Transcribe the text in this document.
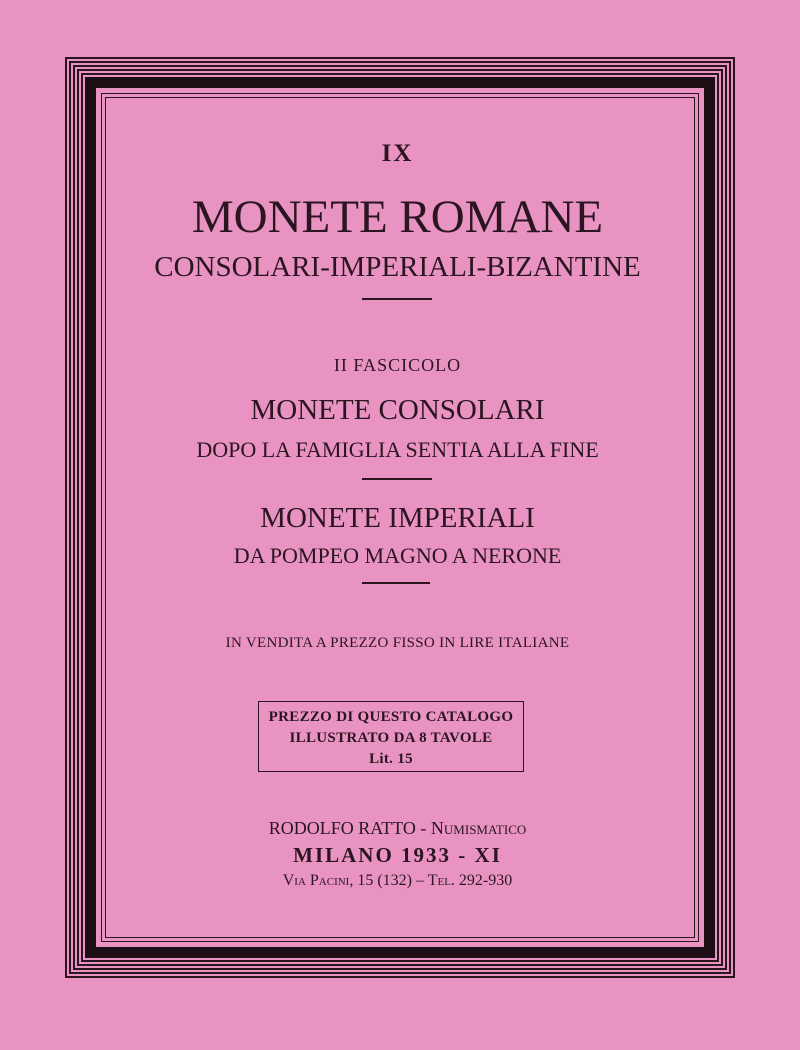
IX
MONETE ROMANE
CONSOLARI-IMPERIALI-BIZANTINE
II FASCICOLO
MONETE CONSOLARI
DOPO LA FAMIGLIA SENTIA ALLA FINE
MONETE IMPERIALI
DA POMPEO MAGNO A NERONE
IN VENDITA A PREZZO FISSO IN LIRE ITALIANE
PREZZO DI QUESTO CATALOGO
ILLUSTRATO DA 8 TAVOLE
Lit. 15
RODOLFO RATTO - Numismatico
MILANO 1933 - XI
Via Pacini, 15 (132) – Tel. 292-930
